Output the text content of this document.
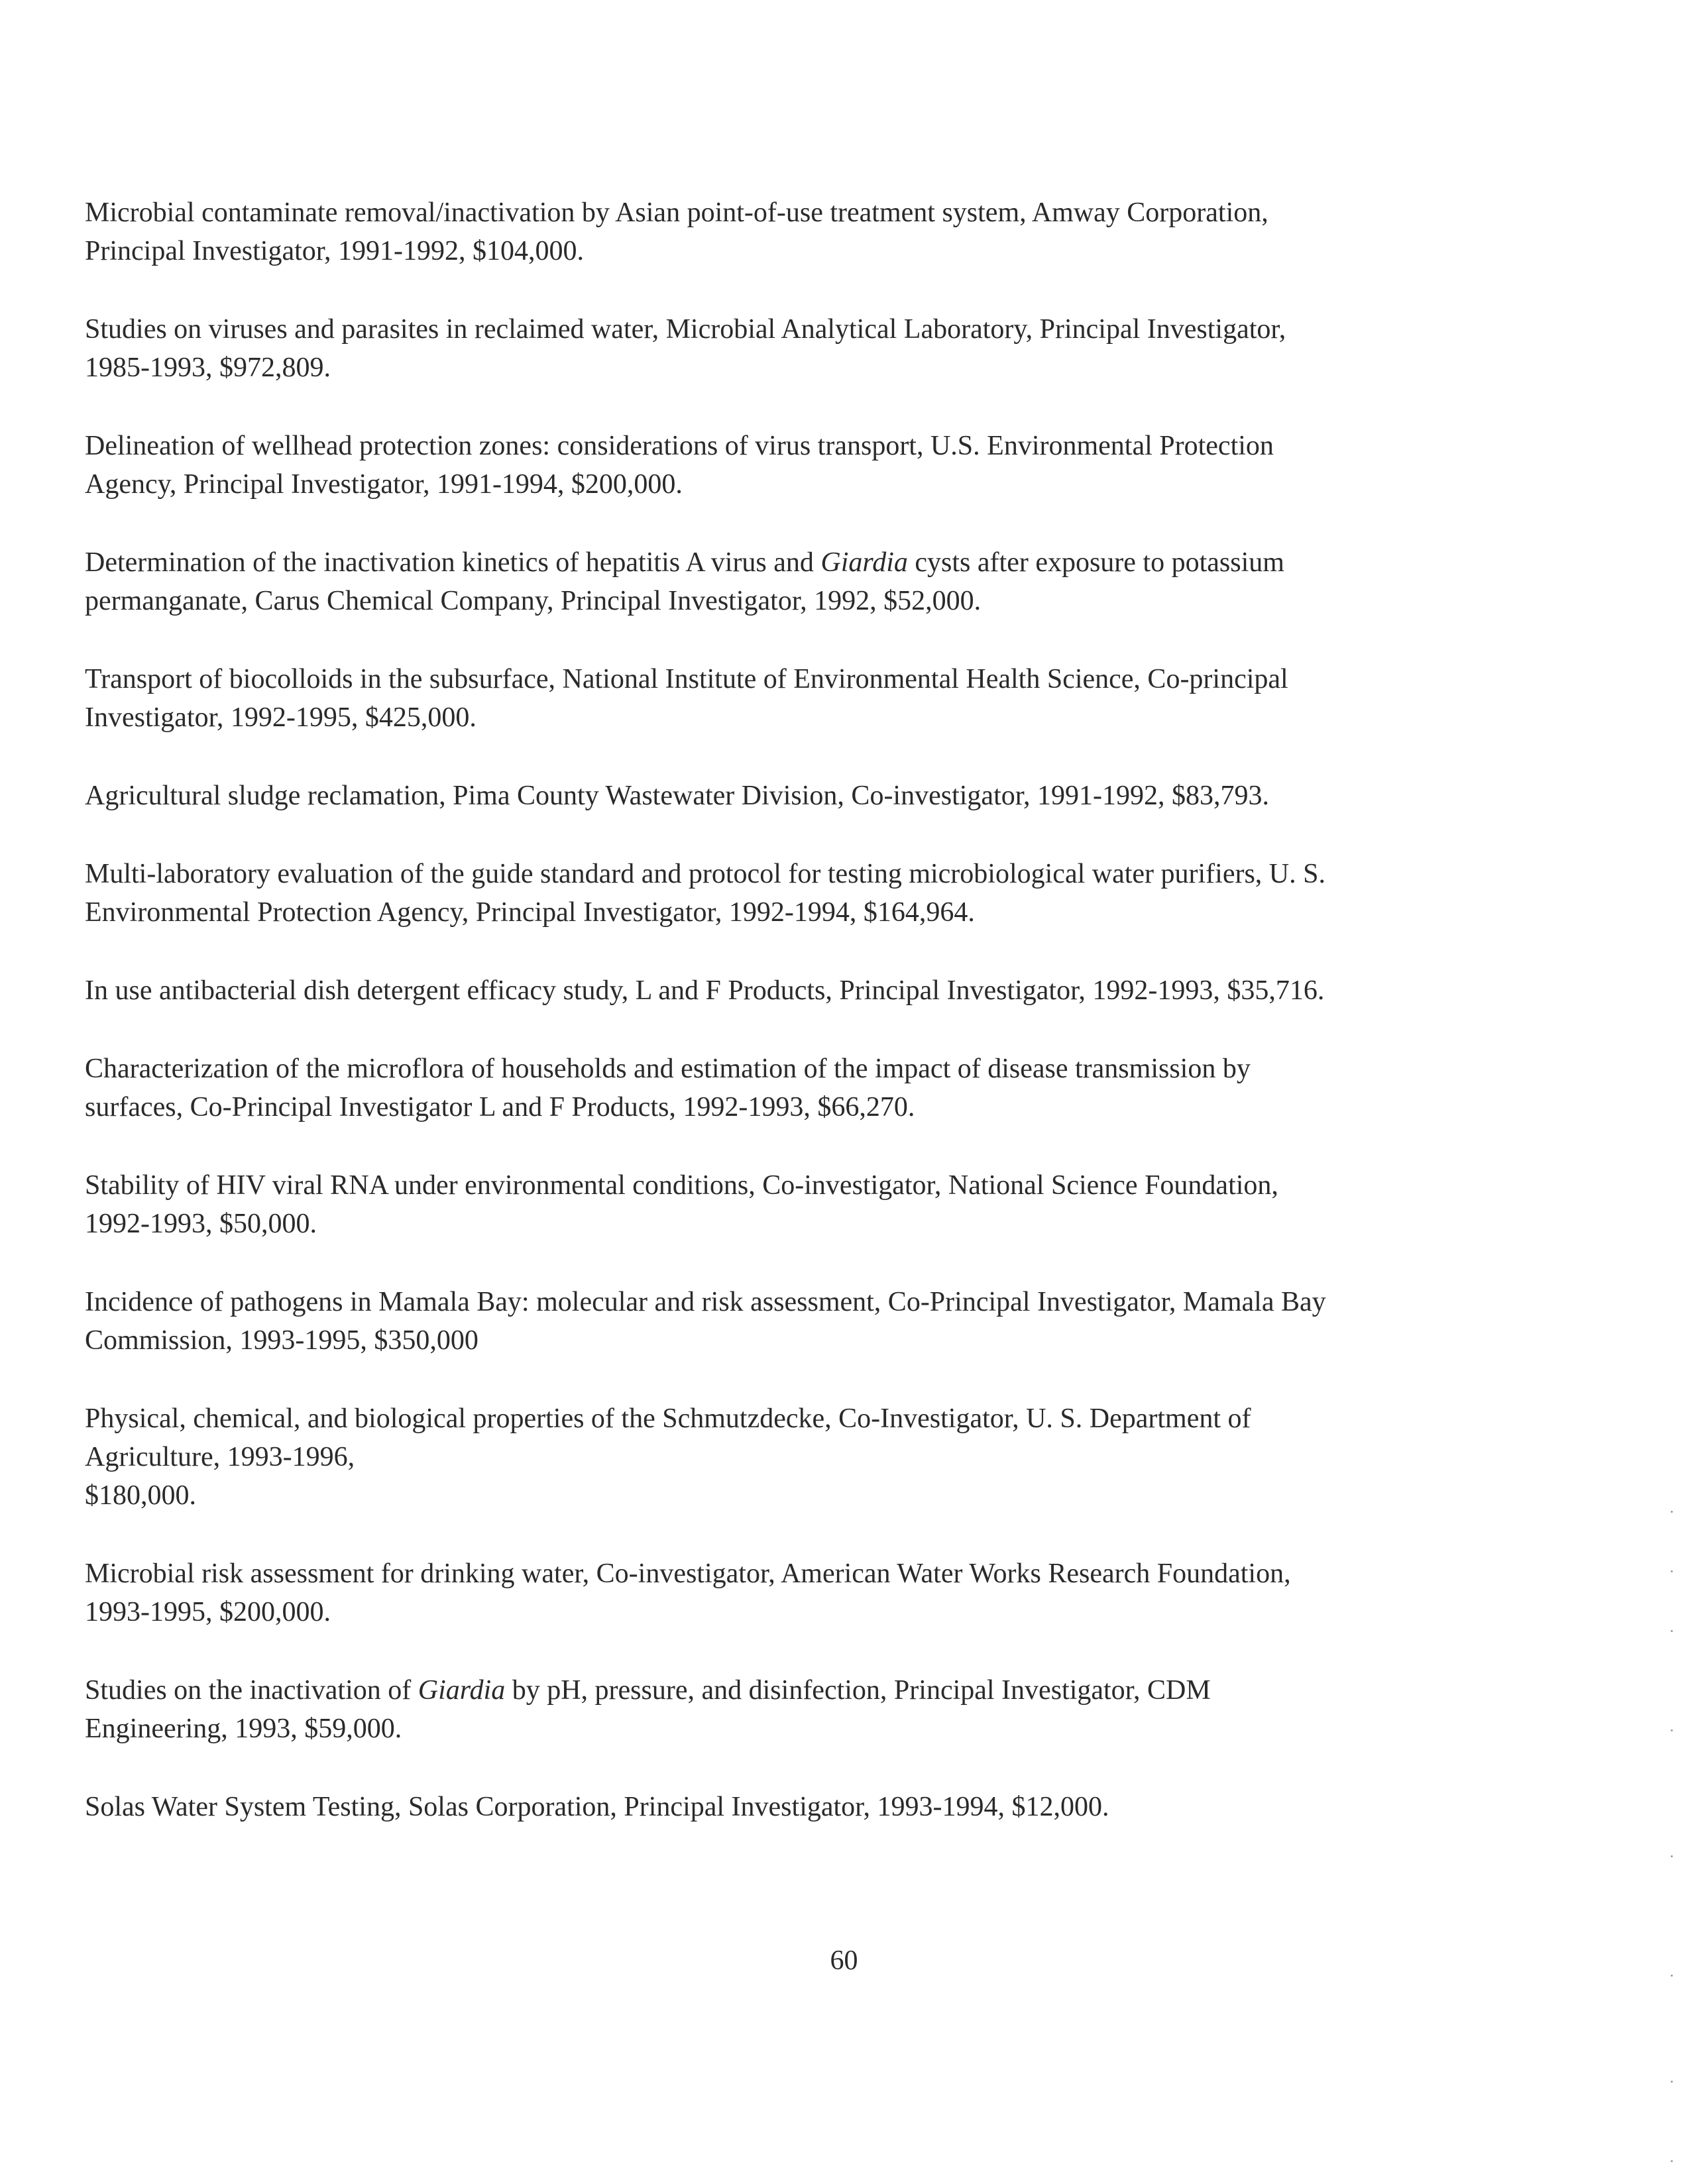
Microbial contaminate removal/inactivation by Asian point-of-use treatment system, Amway Corporation,
Principal Investigator, 1991-1992, $104,000.
Studies on viruses and parasites in reclaimed water, Microbial Analytical Laboratory, Principal Investigator,
1985-1993, $972,809.
Delineation of wellhead protection zones: considerations of virus transport, U.S. Environmental Protection
Agency, Principal Investigator, 1991-1994, $200,000.
Determination of the inactivation kinetics of hepatitis A virus and Giardia cysts after exposure to potassium
permanganate, Carus Chemical Company, Principal Investigator, 1992, $52,000.
Transport of biocolloids in the subsurface, National Institute of Environmental Health Science, Co-principal
Investigator, 1992-1995, $425,000.
Agricultural sludge reclamation, Pima County Wastewater Division, Co-investigator, 1991-1992, $83,793.
Multi-laboratory evaluation of the guide standard and protocol for testing microbiological water purifiers, U. S.
Environmental Protection Agency, Principal Investigator, 1992-1994, $164,964.
In use antibacterial dish detergent efficacy study, L and F Products, Principal Investigator, 1992-1993, $35,716.
Characterization of the microflora of households and estimation of the impact of disease transmission by
surfaces, Co-Principal Investigator L and F Products, 1992-1993, $66,270.
Stability of HIV viral RNA under environmental conditions, Co-investigator, National Science Foundation,
1992-1993, $50,000.
Incidence of pathogens in Mamala Bay: molecular and risk assessment, Co-Principal Investigator, Mamala Bay
Commission, 1993-1995, $350,000
Physical, chemical, and biological properties of the Schmutzdecke, Co-Investigator, U. S. Department of
Agriculture, 1993-1996,
$180,000.
Microbial risk assessment for drinking water, Co-investigator, American Water Works Research Foundation,
1993-1995, $200,000.
Studies on the inactivation of Giardia by pH, pressure, and disinfection, Principal Investigator, CDM
Engineering, 1993, $59,000.
Solas Water System Testing, Solas Corporation, Principal Investigator, 1993-1994, $12,000.
60
